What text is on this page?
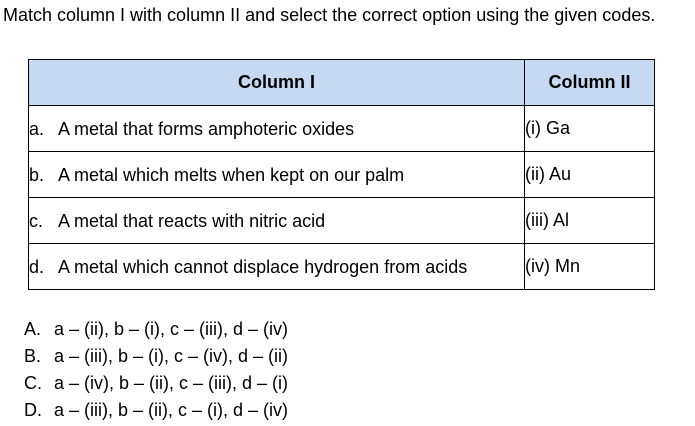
Match column I with column II and select the correct option using the given codes.

Column I	Column II

a. A metal that forms amphoteric oxides	(i) Ga

b. A metal which melts when kept on our palm	(ii) Au

c. A metal that reacts with nitric acid	(iii) Al

d. A metal which cannot displace hydrogen from acids	(iv) Mn
A. a – (ii), b – (i), c – (iii), d – (iv)
B. a – (iii), b – (i), c – (iv), d – (ii)
C. a – (iv), b – (ii), c – (iii), d – (i)
D. a – (iii), b – (ii), c – (i), d – (iv)
